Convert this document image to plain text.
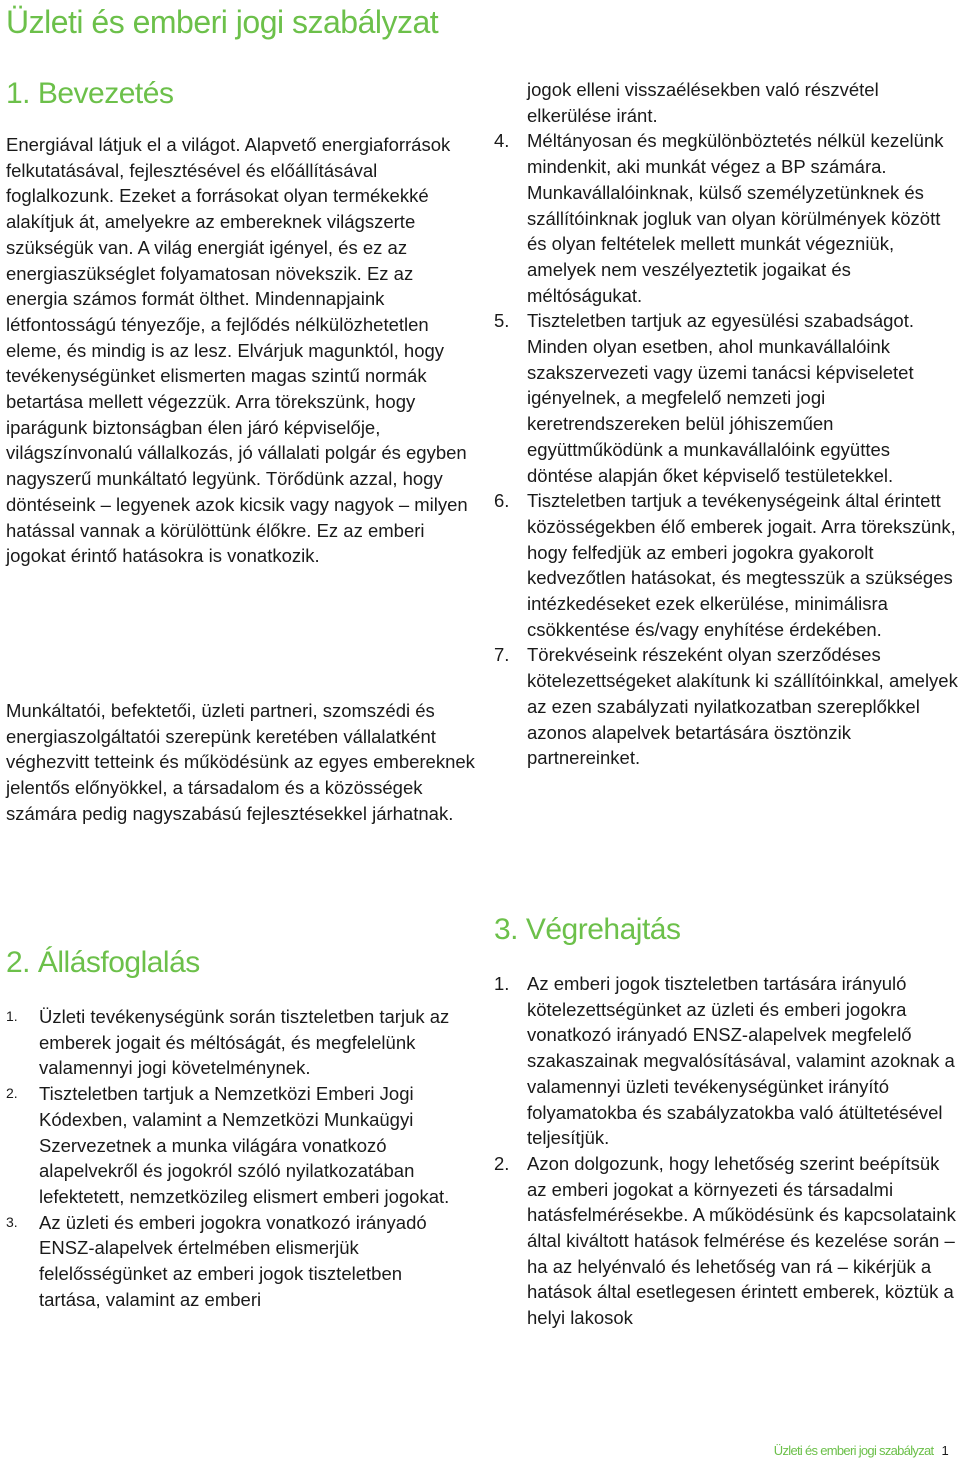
Üzleti és emberi jogi szabályzat
1. Bevezetés

Energiával látjuk el a világot. Alapvető energiaforrások felkutatásával, fejlesztésével és előállításával foglalkozunk. Ezeket a forrásokat olyan termékekké alakítjuk át, amelyekre az embereknek világszerte szükségük van. A világ energiát igényel, és ez az energiaszükséglet folyamatosan növekszik. Ez az energia számos formát ölthet. Mindennapjaink létfontosságú tényezője, a fejlődés nélkülözhetetlen eleme, és mindig is az lesz. Elvárjuk magunktól, hogy tevékenységünket elismerten magas szintű normák betartása mellett végezzük. Arra törekszünk, hogy iparágunk biztonságban élen járó képviselője, világszínvonalú vállalkozás, jó vállalati polgár és egyben nagyszerű munkáltató legyünk. Törődünk azzal, hogy döntéseink – legyenek azok kicsik vagy nagyok – milyen hatással vannak a körülöttünk élőkre. Ez az emberi jogokat érintő hatásokra is vonatkozik.

Munkáltatói, befektetői, üzleti partneri, szomszédi és energiaszolgáltatói szerepünk keretében vállalatként véghezvitt tetteink és működésünk az egyes embereknek jelentős előnyökkel, a társadalom és a közösségek számára pedig nagyszabású fejlesztésekkel járhatnak.

2. Állásfoglalás
1. Üzleti tevékenységünk során tiszteletben tarjuk az emberek jogait és méltóságát, és megfelelünk valamennyi jogi követelménynek.
2. Tiszteletben tartjuk a Nemzetközi Emberi Jogi Kódexben, valamint a Nemzetközi Munkaügyi Szervezetnek a munka világára vonatkozó alapelvekről és jogokról szóló nyilatkozatában lefektetett, nemzetközileg elismert emberi jogokat.
3. Az üzleti és emberi jogokra vonatkozó irányadó ENSZ-alapelvek értelmében elismerjük felelősségünket az emberi jogok tiszteletben tartása, valamint az emberi
jogok elleni visszaélésekben való részvétel elkerülése iránt.
4. Méltányosan és megkülönböztetés nélkül kezelünk mindenkit, aki munkát végez a BP számára. Munkavállalóinknak, külső személyzetünknek és szállítóinknak jogluk van olyan körülmények között és olyan feltételek mellett munkát végezniük, amelyek nem veszélyeztetik jogaikat és méltóságukat.
5. Tiszteletben tartjuk az egyesülési szabadságot. Minden olyan esetben, ahol munkavállalóink szakszervezeti vagy üzemi tanácsi képviseletet igényelnek, a megfelelő nemzeti jogi keretrendszereken belül jóhiszeműen együttműködünk a munkavállalóink együttes döntése alapján őket képviselő testületekkel.
6. Tiszteletben tartjuk a tevékenységeink által érintett közösségekben élő emberek jogait. Arra törekszünk, hogy felfedjük az emberi jogokra gyakorolt kedvezőtlen hatásokat, és megtesszük a szükséges intézkedéseket ezek elkerülése, minimálisra csökkentése és/vagy enyhítése érdekében.
7. Törekvéseink részeként olyan szerződéses kötelezettségeket alakítunk ki szállítóinkkal, amelyek az ezen szabályzati nyilatkozatban szereplőkkel azonos alapelvek betartására ösztönzik partnereinket.
3. Végrehajtás
1. Az emberi jogok tiszteletben tartására irányuló kötelezettségünket az üzleti és emberi jogokra vonatkozó irányadó ENSZ-alapelvek megfelelő szakaszainak megvalósításával, valamint azoknak a valamennyi üzleti tevékenységünket irányító folyamatokba és szabályzatokba való átültetésével teljesítjük.
2. Azon dolgozunk, hogy lehetőség szerint beépítsük az emberi jogokat a környezeti és társadalmi hatásfelmérésekbe. A működésünk és kapcsolataink által kiváltott hatások felmérése és kezelése során – ha az helyénvaló és lehetőség van rá – kikérjük a hatások által esetlegesen érintett emberek, köztük a helyi lakosok
Üzleti és emberi jogi szabályzat 1
